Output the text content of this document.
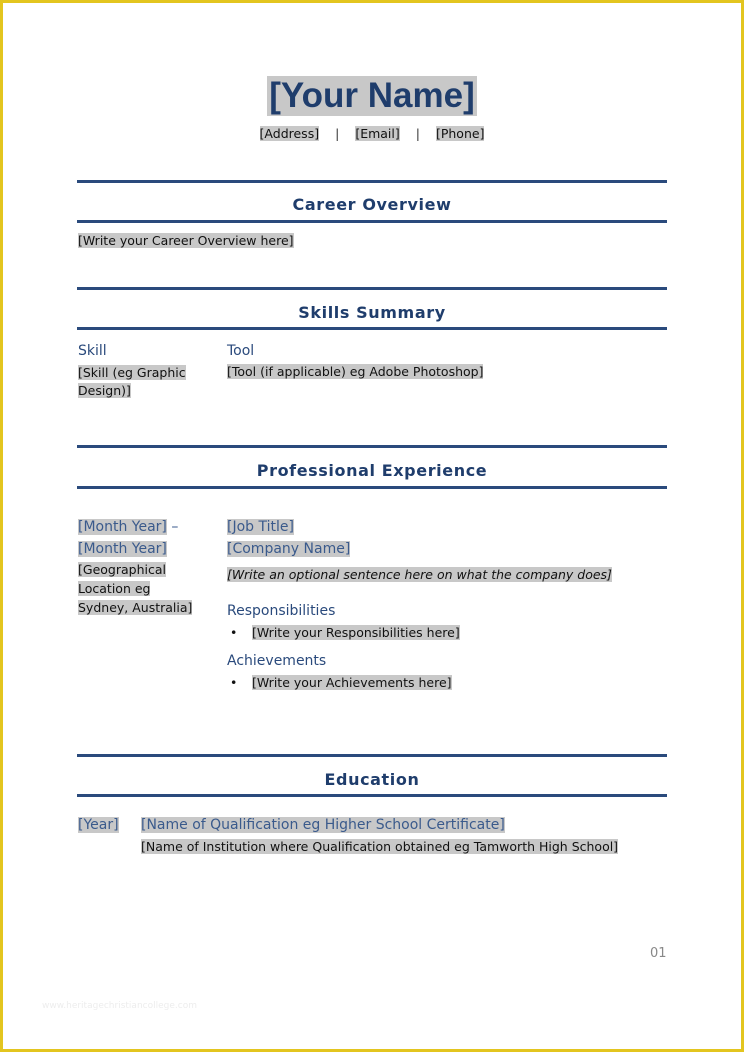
[Your Name]
[Address] | [Email] | [Phone]
Career Overview
[Write your Career Overview here]
Skills Summary
Skill	Tool
[Skill (eg Graphic
Design)]
[Tool (if applicable) eg Adobe Photoshop]
Professional Experience
[Month Year] –
[Month Year]
[Geographical
Location eg
Sydney, Australia]
[Job Title]
[Company Name]
[Write an optional sentence here on what the company does]
Responsibilities
• [Write your Responsibilities here]
Achievements
• [Write your Achievements here]
Education
[Year] [Name of Qualification eg Higher School Certificate]
[Name of Institution where Qualification obtained eg Tamworth High School]
01
www.heritagechristiancollege.com
